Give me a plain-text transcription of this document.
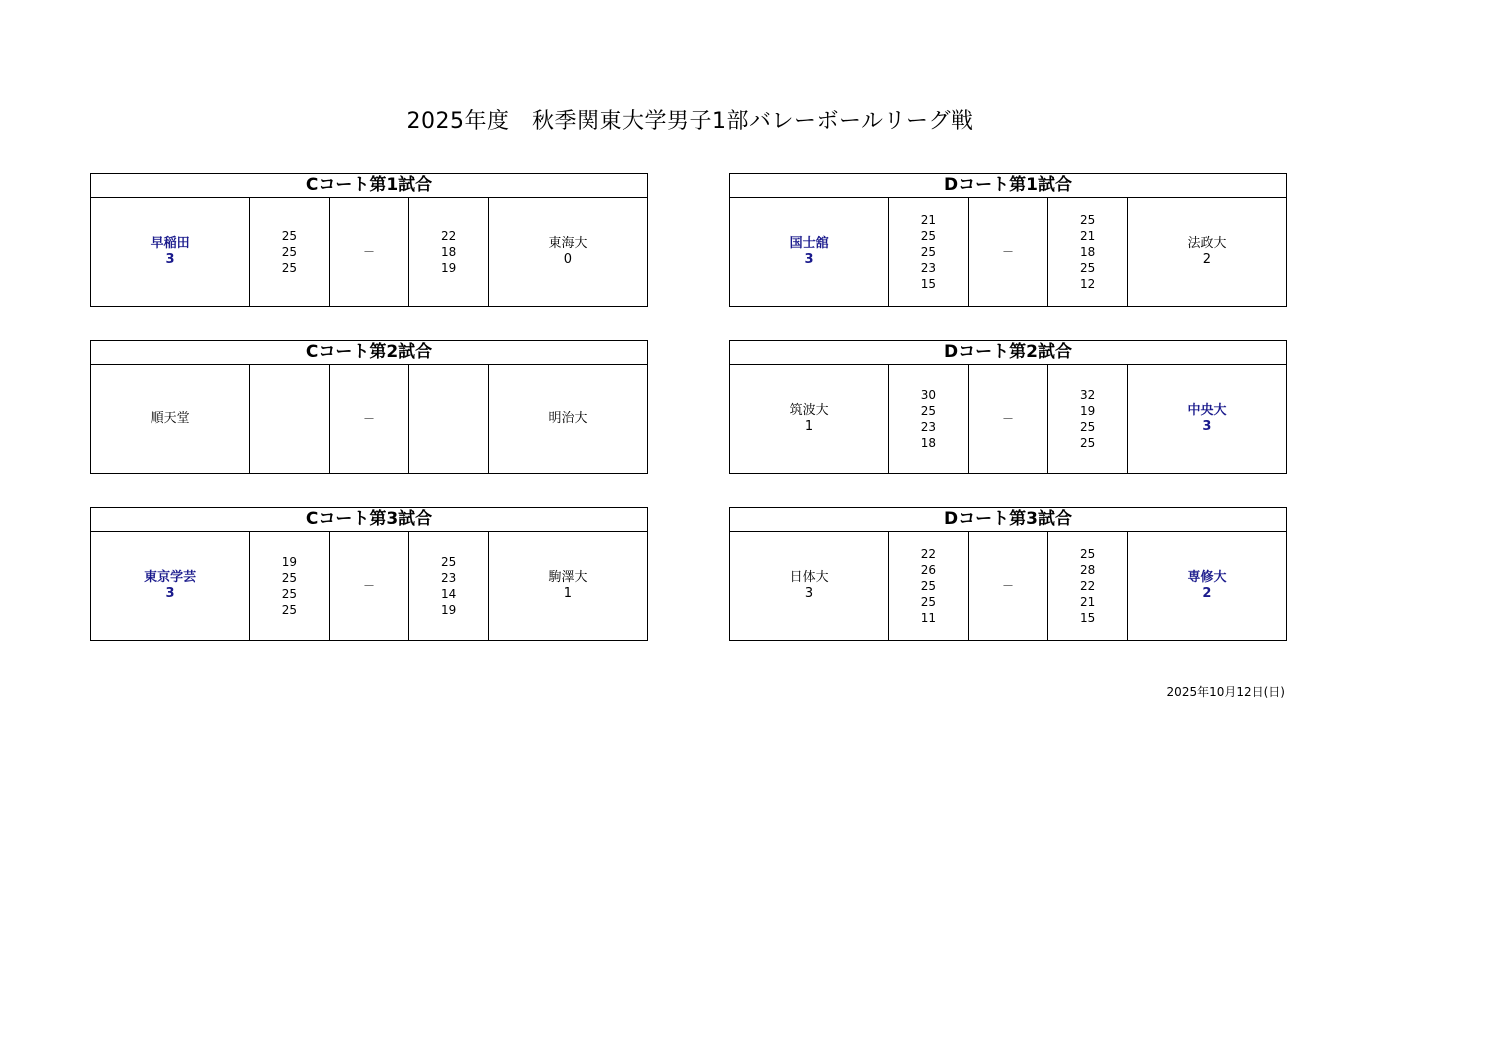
2025年度　秋季関東大学男子1部バレーボールリーグ戦
Cコート第1試合
早稲田
3
25
25
25
－
22
18
19
東海大
0
Dコート第1試合
国士舘
3
21
25
25
23
15
－
25
21
18
25
12
法政大
2
Cコート第2試合
順天堂	－	明治大
Dコート第2試合
筑波大
1
30
25
23
18
－
32
19
25
25
中央大
3
Cコート第3試合
東京学芸
3
19
25
25
25
－
25
23
14
19
駒澤大
1
Dコート第3試合
日体大
3
22
26
25
25
11
－
25
28
22
21
15
専修大
2
2025年10月12日(日)
